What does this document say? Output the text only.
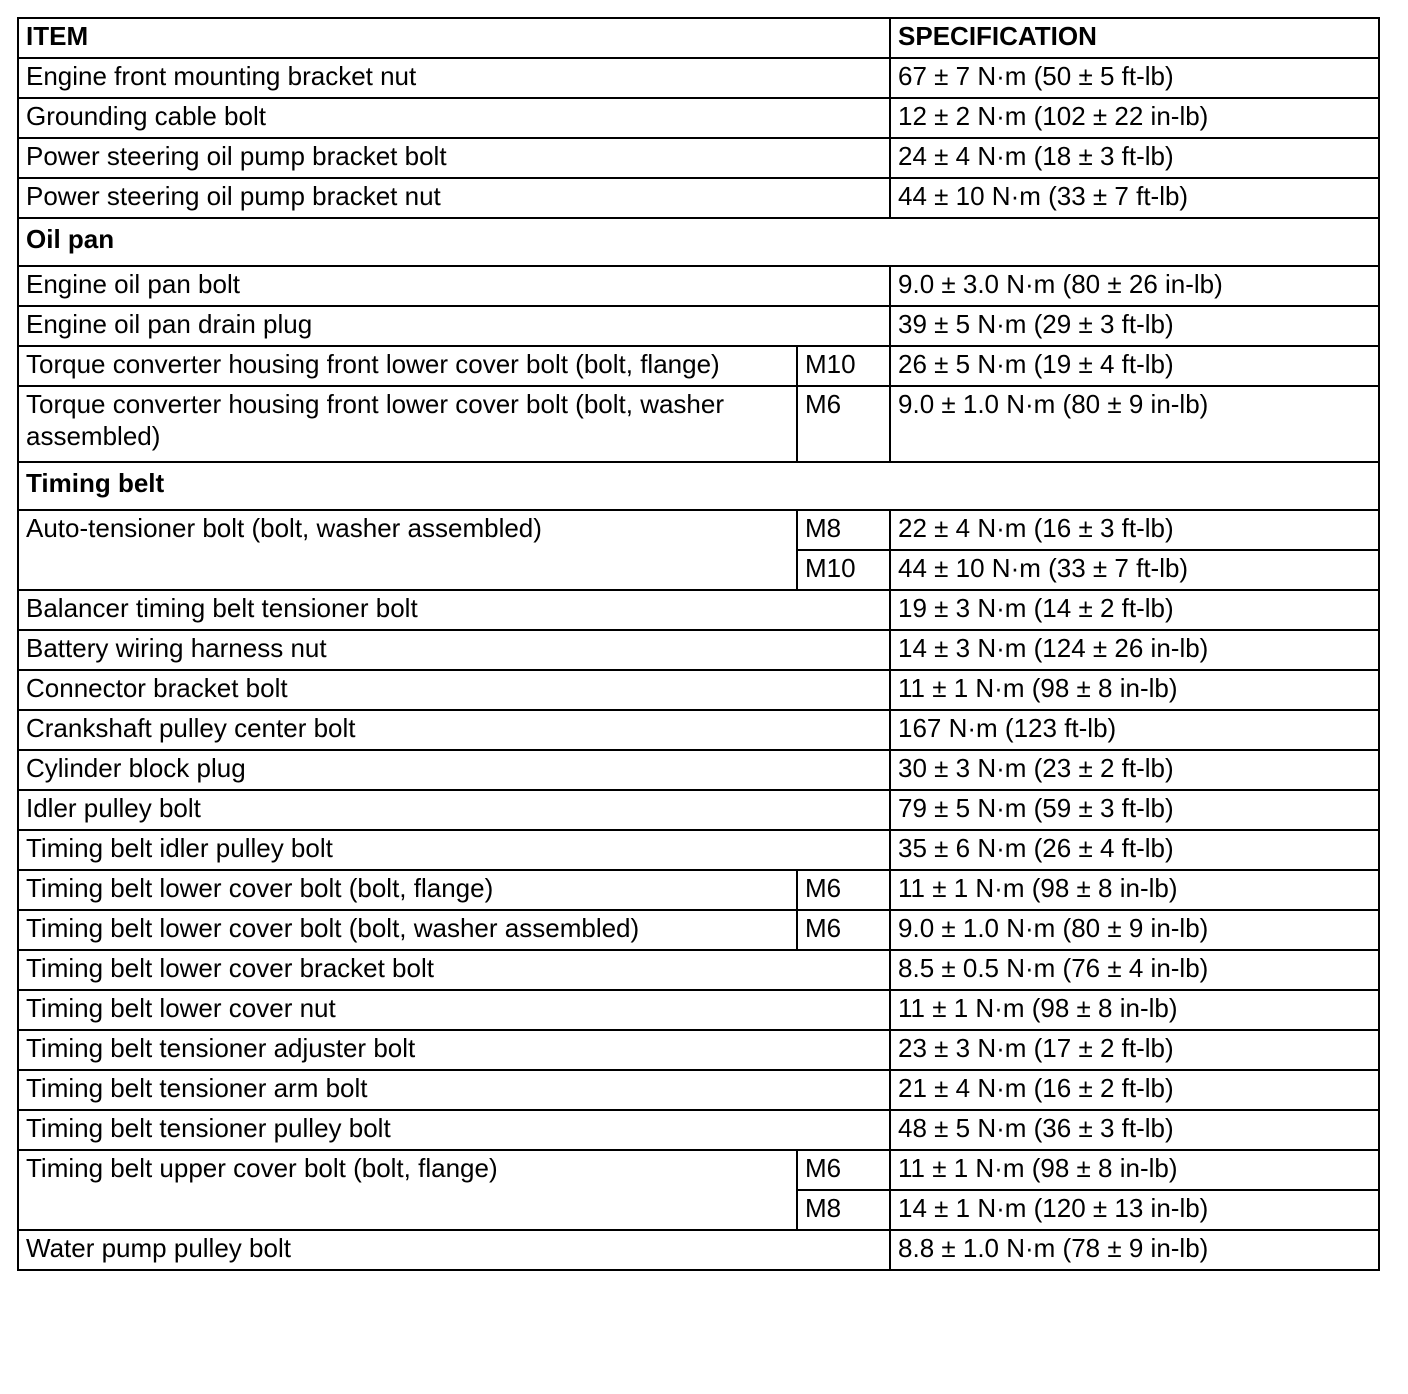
ITEM		SPECIFICATION
Engine front mounting bracket nut		67 ± 7 N·m (50 ± 5 ft-lb)
Grounding cable bolt		12 ± 2 N·m (102 ± 22 in-lb)
Power steering oil pump bracket bolt		24 ± 4 N·m (18 ± 3 ft-lb)
Power steering oil pump bracket nut		44 ± 10 N·m (33 ± 7 ft-lb)
Oil pan		
Engine oil pan bolt		9.0 ± 3.0 N·m (80 ± 26 in-lb)
Engine oil pan drain plug		39 ± 5 N·m (29 ± 3 ft-lb)
Torque converter housing front lower cover bolt (bolt, flange)	M10	26 ± 5 N·m (19 ± 4 ft-lb)
Torque converter housing front lower cover bolt (bolt, washer assembled)	M6	9.0 ± 1.0 N·m (80 ± 9 in-lb)
Timing belt		
Auto-tensioner bolt (bolt, washer assembled)	M8	22 ± 4 N·m (16 ± 3 ft-lb)
	M10	44 ± 10 N·m (33 ± 7 ft-lb)
Balancer timing belt tensioner bolt		19 ± 3 N·m (14 ± 2 ft-lb)
Battery wiring harness nut		14 ± 3 N·m (124 ± 26 in-lb)
Connector bracket bolt		11 ± 1 N·m (98 ± 8 in-lb)
Crankshaft pulley center bolt		167 N·m (123 ft-lb)
Cylinder block plug		30 ± 3 N·m (23 ± 2 ft-lb)
Idler pulley bolt		79 ± 5 N·m (59 ± 3 ft-lb)
Timing belt idler pulley bolt		35 ± 6 N·m (26 ± 4 ft-lb)
Timing belt lower cover bolt (bolt, flange)	M6	11 ± 1 N·m (98 ± 8 in-lb)
Timing belt lower cover bolt (bolt, washer assembled)	M6	9.0 ± 1.0 N·m (80 ± 9 in-lb)
Timing belt lower cover bracket bolt		8.5 ± 0.5 N·m (76 ± 4 in-lb)
Timing belt lower cover nut		11 ± 1 N·m (98 ± 8 in-lb)
Timing belt tensioner adjuster bolt		23 ± 3 N·m (17 ± 2 ft-lb)
Timing belt tensioner arm bolt		21 ± 4 N·m (16 ± 2 ft-lb)
Timing belt tensioner pulley bolt		48 ± 5 N·m (36 ± 3 ft-lb)
Timing belt upper cover bolt (bolt, flange)	M6	11 ± 1 N·m (98 ± 8 in-lb)
	M8	14 ± 1 N·m (120 ± 13 in-lb)
Water pump pulley bolt		8.8 ± 1.0 N·m (78 ± 9 in-lb)
